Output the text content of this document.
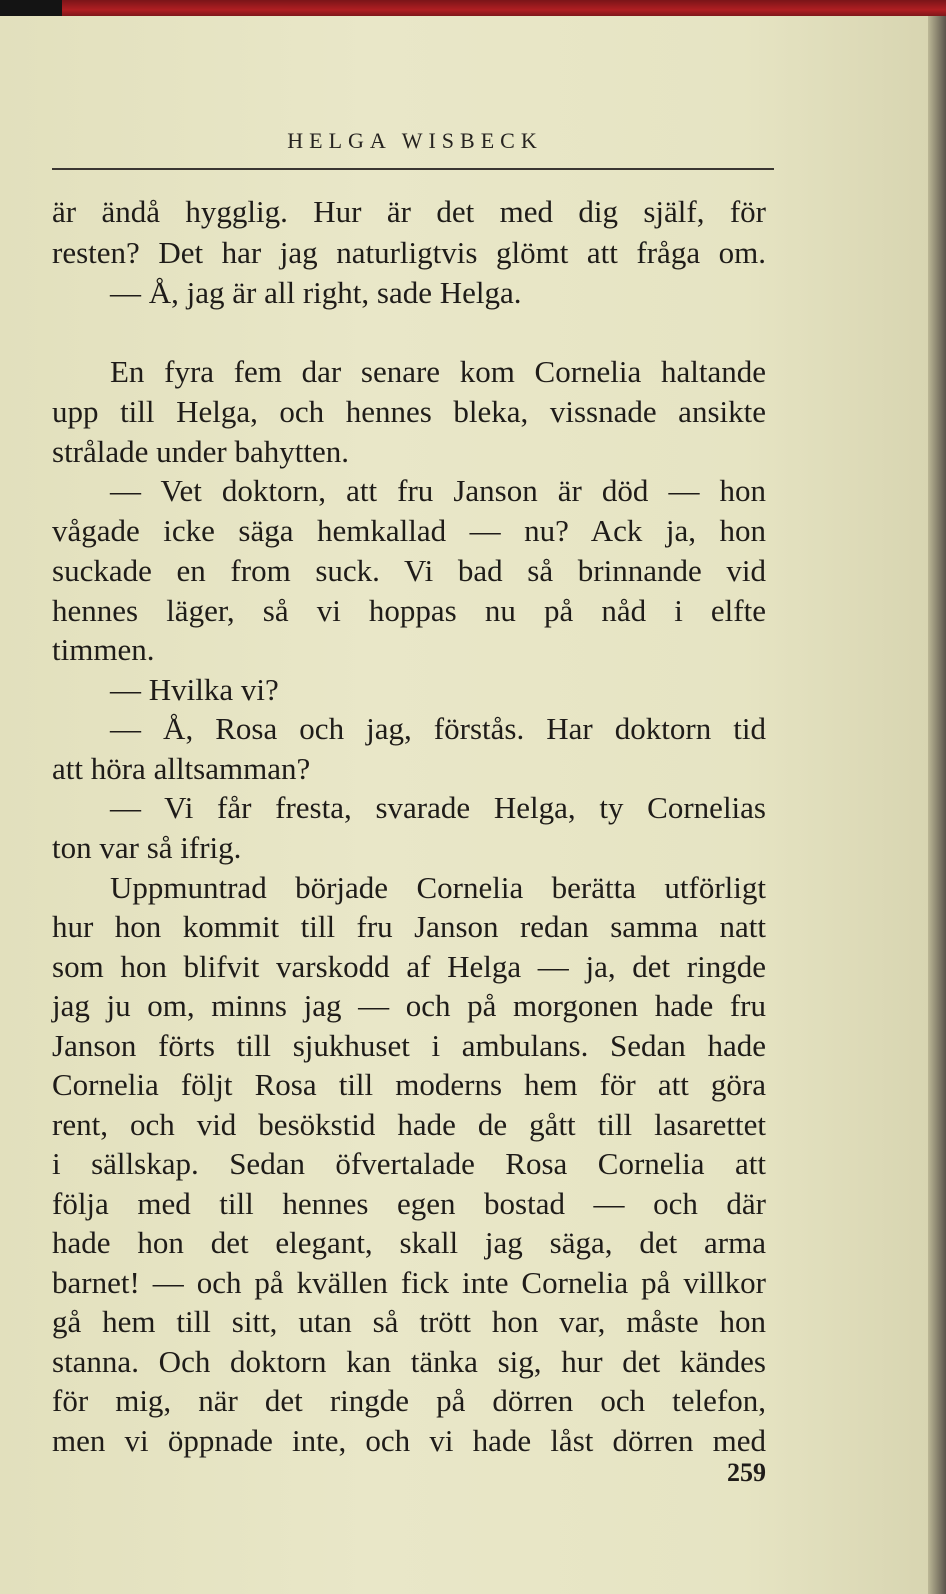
HELGA WISBECK
är ändå hygglig. Hur är det med dig själf, för
resten? Det har jag naturligtvis glömt att fråga om.
— Å, jag är all right, sade Helga.
En fyra fem dar senare kom Cornelia haltande
upp till Helga, och hennes bleka, vissnade ansikte
strålade under bahytten.
— Vet doktorn, att fru Janson är död — hon
vågade icke säga hemkallad — nu? Ack ja, hon
suckade en from suck. Vi bad så brinnande vid
hennes läger, så vi hoppas nu på nåd i elfte
timmen.
— Hvilka vi?
— Å, Rosa och jag, förstås. Har doktorn tid
att höra alltsamman?
— Vi får fresta, svarade Helga, ty Cornelias
ton var så ifrig.
Uppmuntrad började Cornelia berätta utförligt
hur hon kommit till fru Janson redan samma natt
som hon blifvit varskodd af Helga — ja, det ringde
jag ju om, minns jag — och på morgonen hade fru
Janson förts till sjukhuset i ambulans. Sedan hade
Cornelia följt Rosa till moderns hem för att göra
rent, och vid besökstid hade de gått till lasarettet
i sällskap. Sedan öfvertalade Rosa Cornelia att
följa med till hennes egen bostad — och där
hade hon det elegant, skall jag säga, det arma
barnet! — och på kvällen fick inte Cornelia på villkor
gå hem till sitt, utan så trött hon var, måste hon
stanna. Och doktorn kan tänka sig, hur det kändes
för mig, när det ringde på dörren och telefon,
men vi öppnade inte, och vi hade låst dörren med
259
